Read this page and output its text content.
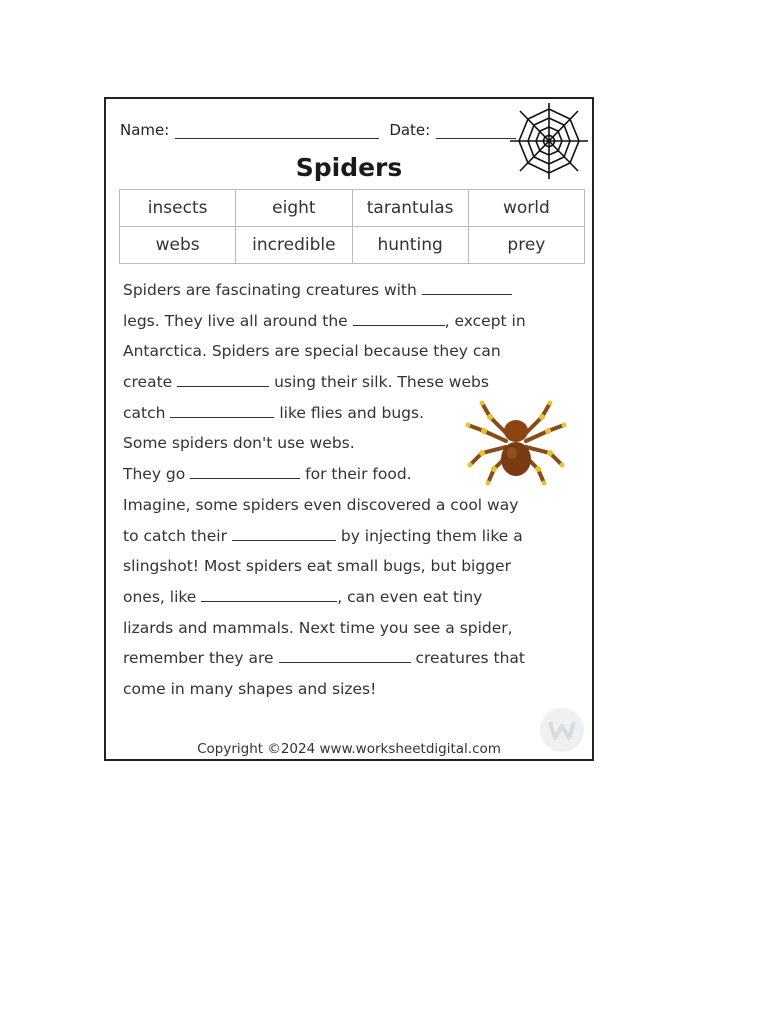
Name:	Date:
Spiders
insects	eight	tarantulas	world
webs	incredible	hunting	prey
Spiders are fascinating creatures with
legs. They live all around the	, except in
Antarctica. Spiders are special because they can
create	using their silk. These webs
catch	like flies and bugs.
Some spiders don't use webs.
They go	for their food.
Imagine, some spiders even discovered a cool way
to catch their	by injecting them like a
slingshot! Most spiders eat small bugs, but bigger
ones, like	, can even eat tiny
lizards and mammals. Next time you see a spider,
remember they are	creatures that
come in many shapes and sizes!
Copyright ©2024 www.worksheetdigital.com
